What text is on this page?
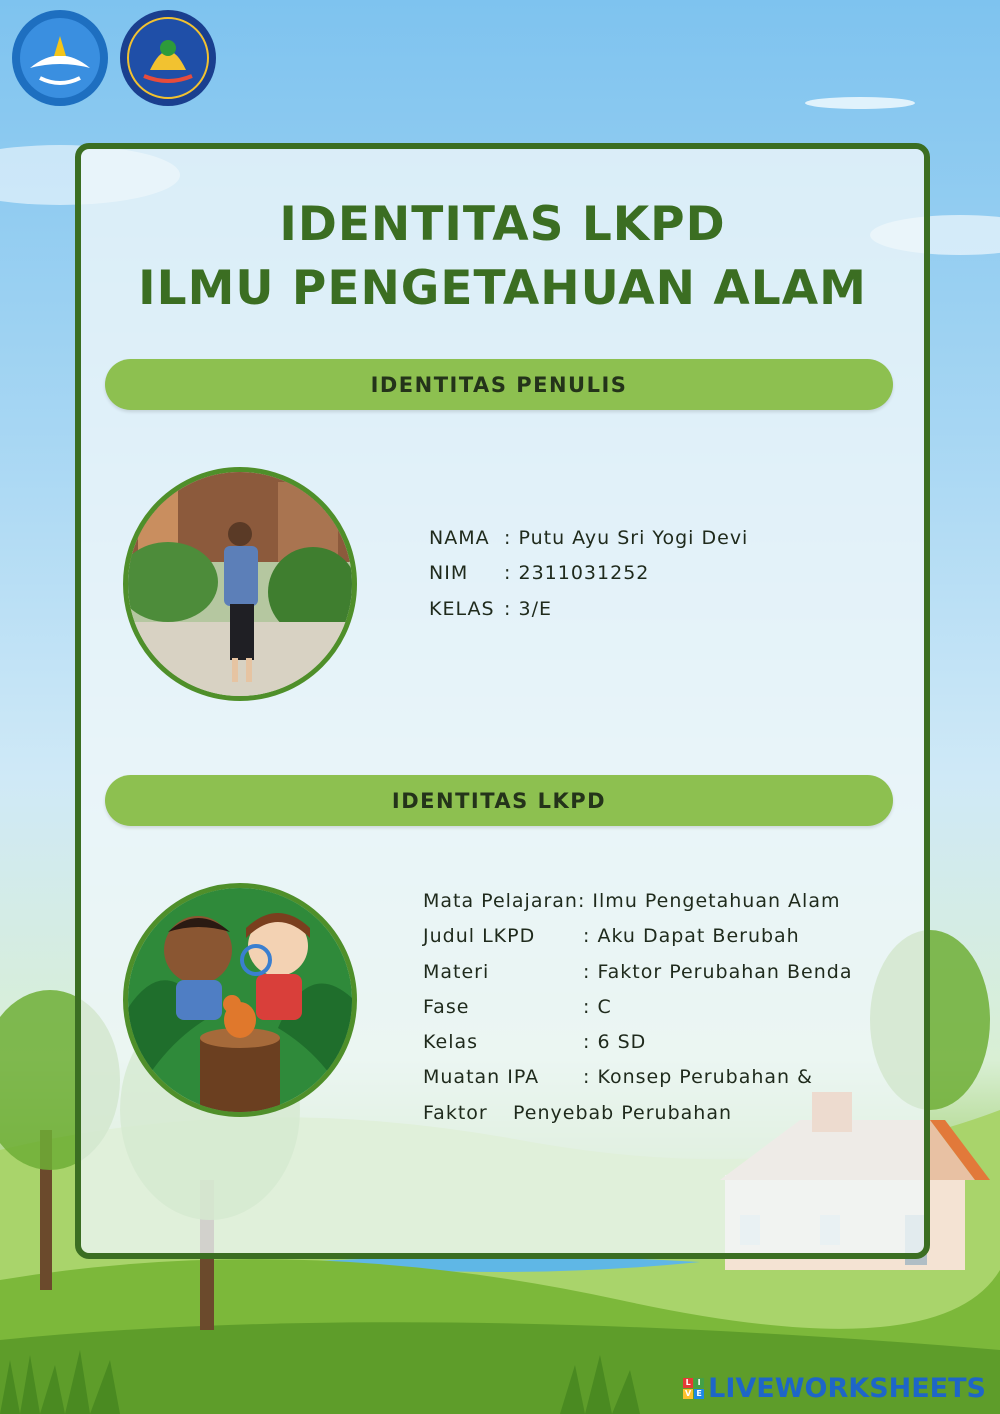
IDENTITAS LKPD
ILMU PENGETAHUAN ALAM
IDENTITAS PENULIS
NAMA : Putu Ayu Sri Yogi Devi
NIM : 2311031252
KELAS : 3/E
IDENTITAS LKPD
Mata Pelajaran: Ilmu Pengetahuan Alam
Judul LKPD	: Aku Dapat Berubah
Materi	: Faktor Perubahan Benda
Fase	: C
Kelas	: 6 SD
Muatan IPA : Konsep Perubahan &
Faktor Penyebab Perubahan
L I
V E LIVEWORKSHEETS
